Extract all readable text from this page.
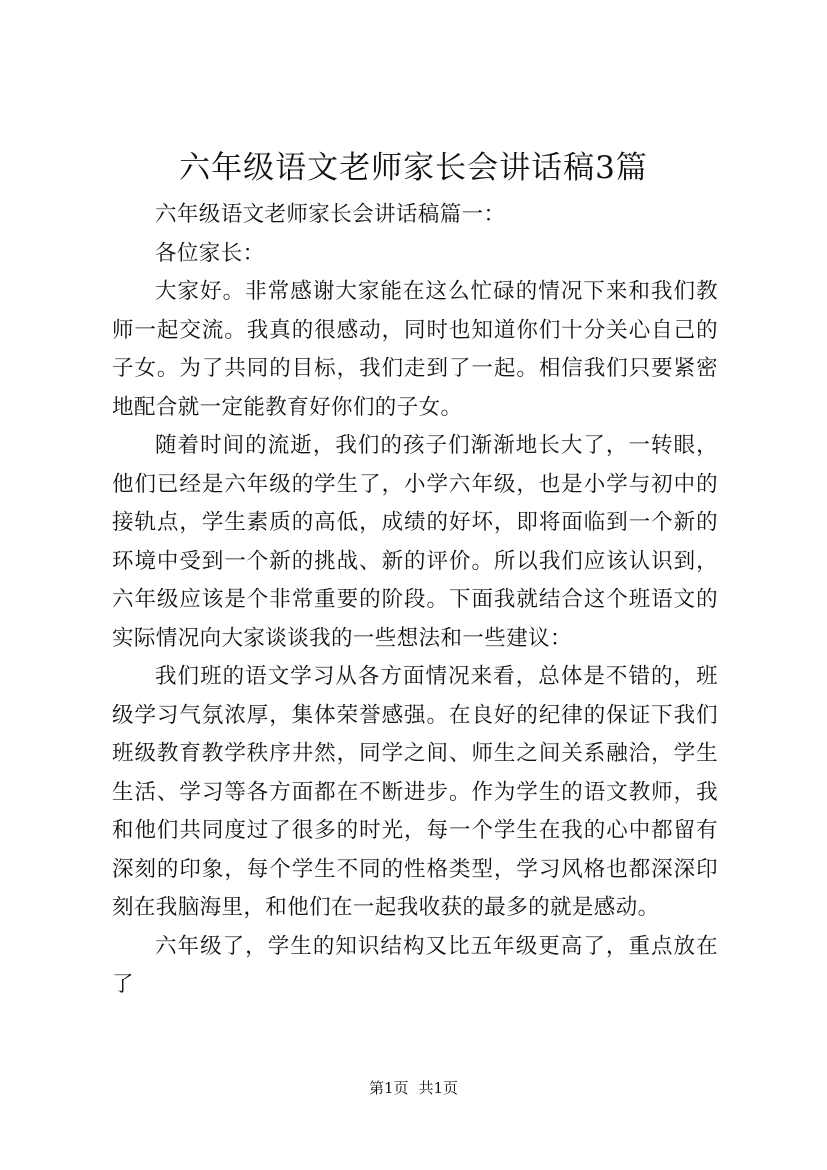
六年级语文老师家长会讲话稿3篇

六年级语文老师家长会讲话稿篇一：

各位家长：

大家好。非常感谢大家能在这么忙碌的情况下来和我们教师一起交流。我真的很感动，同时也知道你们十分关心自己的子女。为了共同的目标，我们走到了一起。相信我们只要紧密地配合就一定能教育好你们的子女。

随着时间的流逝，我们的孩子们渐渐地长大了，一转眼，他们已经是六年级的学生了，小学六年级，也是小学与初中的接轨点，学生素质的高低，成绩的好坏，即将面临到一个新的环境中受到一个新的挑战、新的评价。所以我们应该认识到，六年级应该是个非常重要的阶段。下面我就结合这个班语文的实际情况向大家谈谈我的一些想法和一些建议：

我们班的语文学习从各方面情况来看，总体是不错的，班级学习气氛浓厚，集体荣誉感强。在良好的纪律的保证下我们班级教育教学秩序井然，同学之间、师生之间关系融洽，学生生活、学习等各方面都在不断进步。作为学生的语文教师，我和他们共同度过了很多的时光，每一个学生在我的心中都留有深刻的印象，每个学生不同的性格类型，学习风格也都深深印刻在我脑海里，和他们在一起我收获的最多的就是感动。

六年级了，学生的知识结构又比五年级更高了，重点放在了

第1页 共1页
